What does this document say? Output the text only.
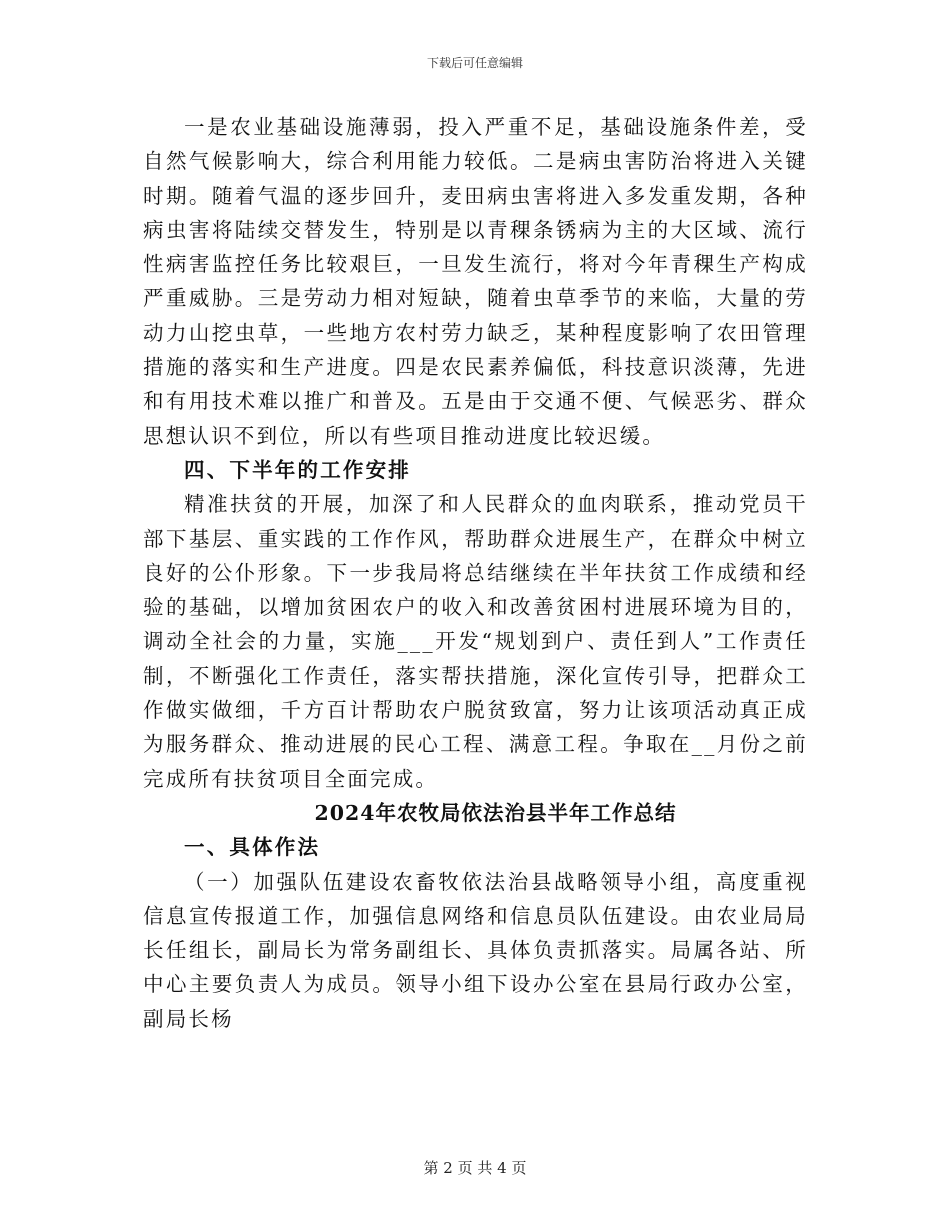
下载后可任意编辑

一是农业基础设施薄弱，投入严重不足，基础设施条件差，受自然气候影响大，综合利用能力较低。二是病虫害防治将进入关键时期。随着气温的逐步回升，麦田病虫害将进入多发重发期，各种病虫害将陆续交替发生，特别是以青稞条锈病为主的大区域、流行性病害监控任务比较艰巨，一旦发生流行，将对今年青稞生产构成严重威胁。三是劳动力相对短缺，随着虫草季节的来临，大量的劳动力山挖虫草，一些地方农村劳力缺乏，某种程度影响了农田管理措施的落实和生产进度。四是农民素养偏低，科技意识淡薄，先进和有用技术难以推广和普及。五是由于交通不便、气候恶劣、群众思想认识不到位，所以有些项目推动进度比较迟缓。

四、下半年的工作安排

精准扶贫的开展，加深了和人民群众的血肉联系，推动党员干部下基层、重实践的工作作风，帮助群众进展生产，在群众中树立良好的公仆形象。下一步我局将总结继续在半年扶贫工作成绩和经验的基础，以增加贫困农户的收入和改善贫困村进展环境为目的，调动全社会的力量，实施___开发“规划到户、责任到人”工作责任制，不断强化工作责任，落实帮扶措施，深化宣传引导，把群众工作做实做细，千方百计帮助农户脱贫致富，努力让该项活动真正成为服务群众、推动进展的民心工程、满意工程。争取在__月份之前完成所有扶贫项目全面完成。

2024年农牧局依法治县半年工作总结

一、具体作法

（一）加强队伍建设农畜牧依法治县战略领导小组，高度重视信息宣传报道工作，加强信息网络和信息员队伍建设。由农业局局长任组长，副局长为常务副组长、具体负责抓落实。局属各站、所中心主要负责人为成员。领导小组下设办公室在县局行政办公室，副局长杨

第 2 页 共 4 页
